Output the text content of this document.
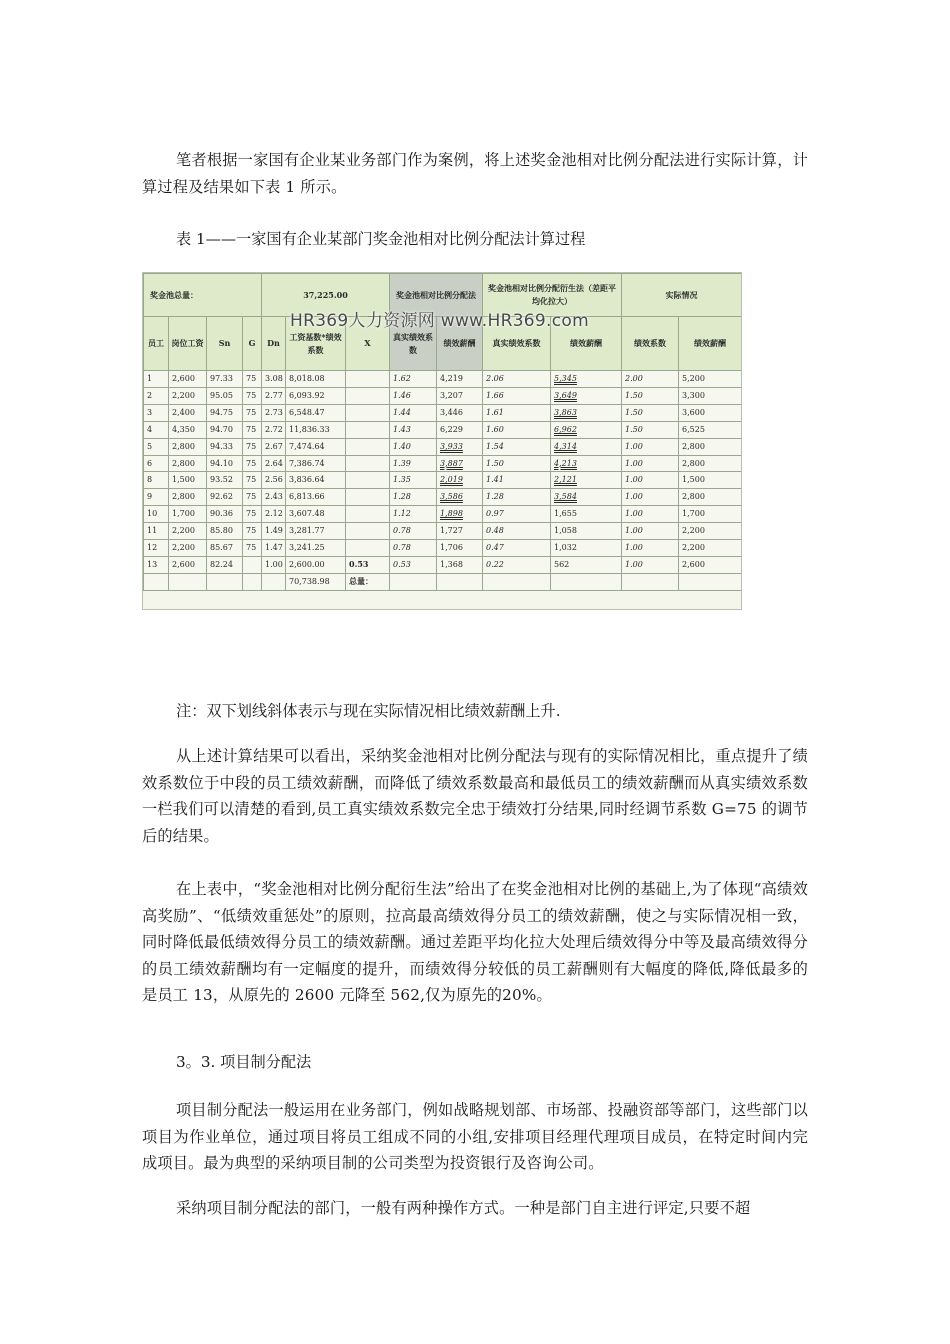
笔者根据一家国有企业某业务部门作为案例，将上述奖金池相对比例分配法进行实际计算，计算过程及结果如下表 1 所示。

表 1——一家国有企业某部门奖金池相对比例分配法计算过程

奖金池总量：				37,225.00			奖金池相对比例分配法		奖金池相对比例分配衍生法（差距平均化拉大）		实际情况	
员工	岗位工资	Sn	G	Dn	工资基数*绩效系数	X	真实绩效系数	绩效薪酬	真实绩效系数	绩效薪酬	绩效系数	绩效薪酬
1	2,600	97.33	75	3.08	8,018.08		1.62	4,219	2.06	5,345	2.00	5,200
2	2,200	95.05	75	2.77	6,093.92		1.46	3,207	1.66	3,649	1.50	3,300
3	2,400	94.75	75	2.73	6,548.47		1.44	3,446	1.61	3,863	1.50	3,600
4	4,350	94.70	75	2.72	11,836.33		1.43	6,229	1.60	6,962	1.50	6,525
5	2,800	94.33	75	2.67	7,474.64		1.40	3,933	1.54	4,314	1.00	2,800
6	2,800	94.10	75	2.64	7,386.74		1.39	3,887	1.50	4,213	1.00	2,800
8	1,500	93.52	75	2.56	3,836.64		1.35	2,019	1.41	2,121	1.00	1,500
9	2,800	92.62	75	2.43	6,813.66		1.28	3,586	1.28	3,584	1.00	2,800
10	1,700	90.36	75	2.12	3,607.48		1.12	1,898	0.97	1,655	1.00	1,700
11	2,200	85.80	75	1.49	3,281.77		0.78	1,727	0.48	1,058	1.00	2,200
12	2,200	85.67	75	1.47	3,241.25		0.78	1,706	0.47	1,032	1.00	2,200
13	2,600	82.24		1.00	2,600.00	0.53	0.53	1,368	0.22	562	1.00	2,600
					70,738.98	总量：						
HR369人力资源网 www.HR369.com

注：双下划线斜体表示与现在实际情况相比绩效薪酬上升.

从上述计算结果可以看出，采纳奖金池相对比例分配法与现有的实际情况相比，重点提升了绩效系数位于中段的员工绩效薪酬，而降低了绩效系数最高和最低员工的绩效薪酬而从真实绩效系数一栏我们可以清楚的看到,员工真实绩效系数完全忠于绩效打分结果,同时经调节系数 G=75 的调节后的结果。

在上表中，“奖金池相对比例分配衍生法”给出了在奖金池相对比例的基础上,为了体现“高绩效高奖励”、“低绩效重惩处”的原则，拉高最高绩效得分员工的绩效薪酬，使之与实际情况相一致，同时降低最低绩效得分员工的绩效薪酬。通过差距平均化拉大处理后绩效得分中等及最高绩效得分的员工绩效薪酬均有一定幅度的提升，而绩效得分较低的员工薪酬则有大幅度的降低,降低最多的是员工 13，从原先的 2600 元降至 562,仅为原先的20%。

3。3. 项目制分配法

项目制分配法一般运用在业务部门，例如战略规划部、市场部、投融资部等部门，这些部门以项目为作业单位，通过项目将员工组成不同的小组,安排项目经理代理项目成员，在特定时间内完成项目。最为典型的采纳项目制的公司类型为投资银行及咨询公司。

采纳项目制分配法的部门，一般有两种操作方式。一种是部门自主进行评定,只要不超
